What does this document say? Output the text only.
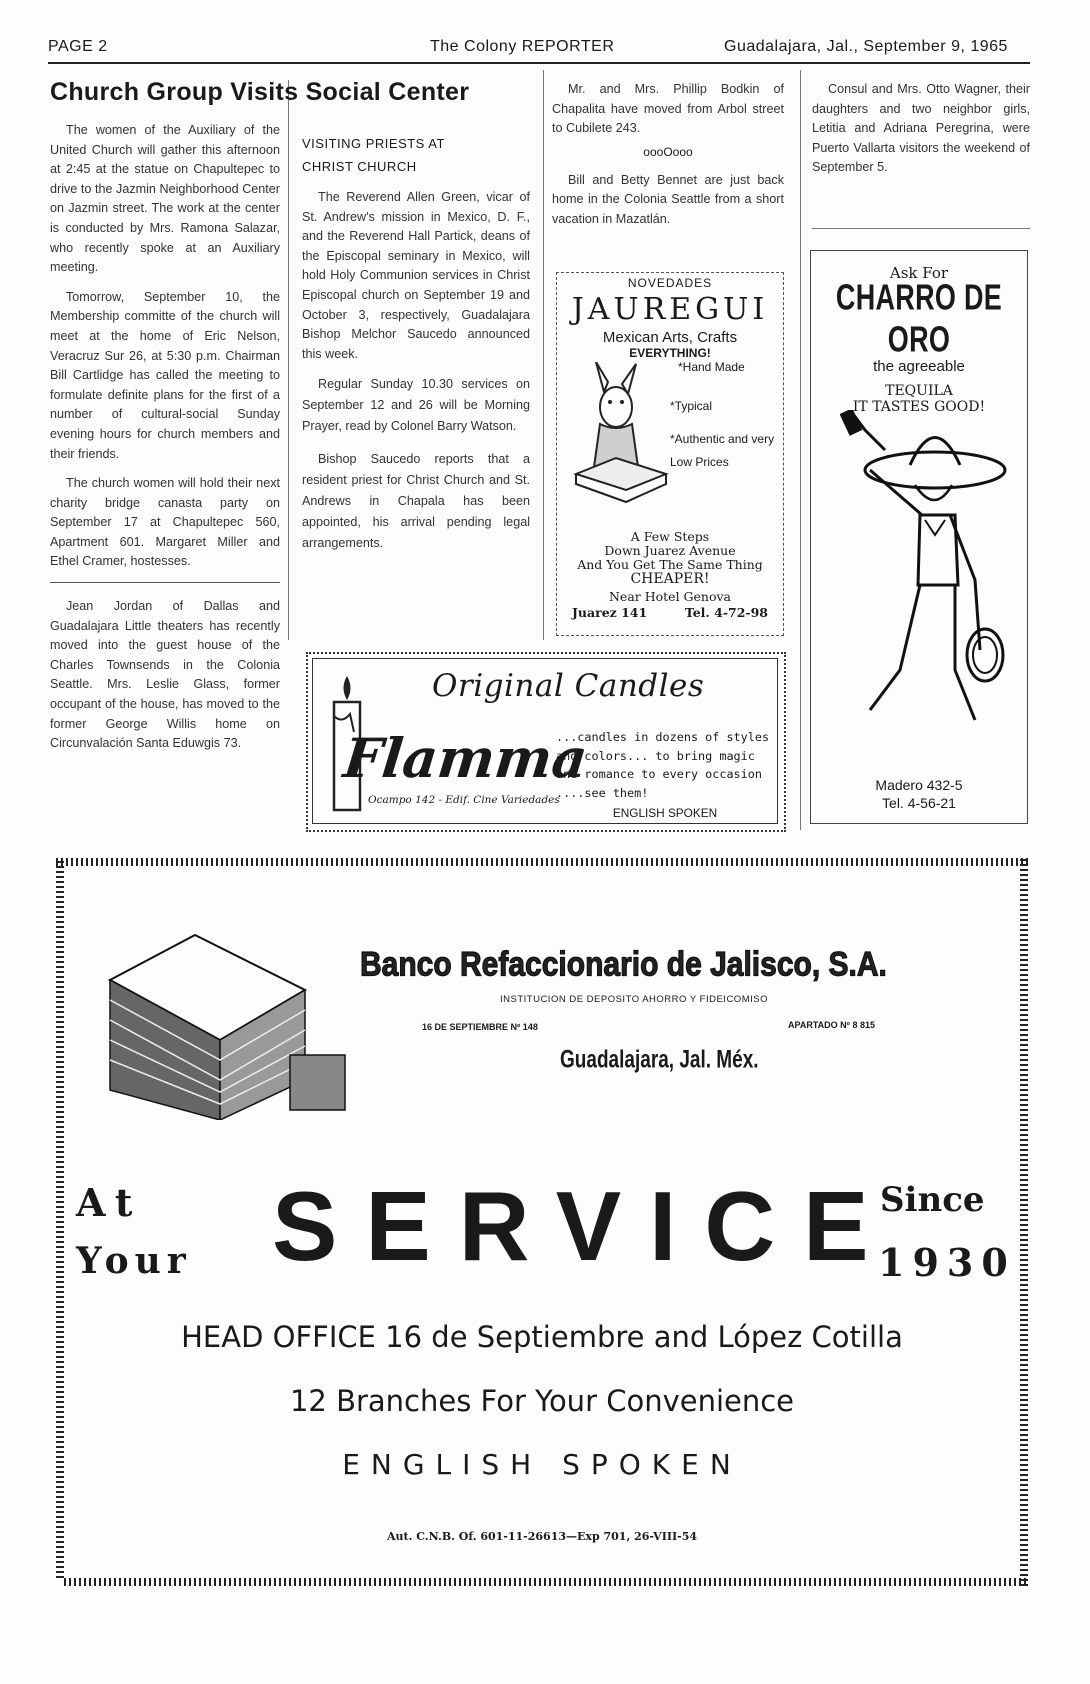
PAGE 2	The Colony REPORTER	Guadalajara, Jal., September 9, 1965
Church Group Visits Social Center

The women of the Auxiliary of the United Church will gather this afternoon at 2:45 at the statue on Chapultepec to drive to the Jazmin Neighborhood Center on Jazmin street. The work at the center is conducted by Mrs. Ramona Salazar, who recently spoke at an Auxiliary meeting.

Tomorrow, September 10, the Membership committe of the church will meet at the home of Eric Nelson, Veracruz Sur 26, at 5:30 p.m. Chairman Bill Cartlidge has called the meeting to formulate definite plans for the first of a number of cultural-social Sunday evening hours for church members and their friends.

The church women will hold their next charity bridge canasta party on September 17 at Chapultepec 560, Apartment 601. Margaret Miller and Ethel Cramer, hostesses.

Jean Jordan of Dallas and Guadalajara Little theaters has recently moved into the guest house of the Charles Townsends in the Colonia Seattle. Mrs. Leslie Glass, former occupant of the house, has moved to the former George Willis home on Circunvalación Santa Eduwgis 73.

VISITING PRIESTS AT
CHRIST CHURCH

The Reverend Allen Green, vicar of St. Andrew's mission in Mexico, D. F., and the Reverend Hall Partick, deans of the Episcopal seminary in Mexico, will hold Holy Communion services in Christ Episcopal church on September 19 and October 3, respectively, Guadalajara Bishop Melchor Saucedo announced this week.

Regular Sunday 10.30 services on September 12 and 26 will be Morning Prayer, read by Colonel Barry Watson.

Bishop Saucedo reports that a resident priest for Christ Church and St. Andrews in Chapala has been appointed, his arrival pending legal arrangements.

Mr. and Mrs. Phillip Bodkin of Chapalita have moved from Arbol street to Cubilete 243.

oooOooo

Bill and Betty Bennet are just back home in the Colonia Seattle from a short vacation in Mazatlán.

Consul and Mrs. Otto Wagner, their daughters and two neighbor girls, Letitia and Adriana Peregrina, were Puerto Vallarta visitors the weekend of September 5.

NOVEDADES
JAUREGUI
Mexican Arts, Crafts
EVERYTHING!
*Hand Made
*Typical
*Authentic and very
Low Prices
A Few Steps
Down Juarez Avenue
And You Get The Same Thing
CHEAPER!
Near Hotel Genova
Juarez 141	Tel. 4-72-98
Ask For
CHARRO DE ORO
the agreeable
TEQUILA
IT TASTES GOOD!
Madero 432-5
Tel. 4-56-21
Original Candles
Flamma
Ocampo 142 - Edif. Cine Variedades
...candles in dozens of styles
and colors... to bring magic
and romance to every occasion
....see them!
ENGLISH SPOKEN
Banco Refaccionario de Jalisco, S.A.
INSTITUCION DE DEPOSITO AHORRO Y FIDEICOMISO
16 DE SEPTIEMBRE Nº 148	APARTADO Nº 8 815
Guadalajara, Jal. Méx.
At
Your SERVICE
Since
1930
HEAD OFFICE 16 de Septiembre and López Cotilla
12 Branches For Your Convenience
ENGLISH SPOKEN
Aut. C.N.B. Of. 601-11-26613—Exp 701, 26-VIII-54
